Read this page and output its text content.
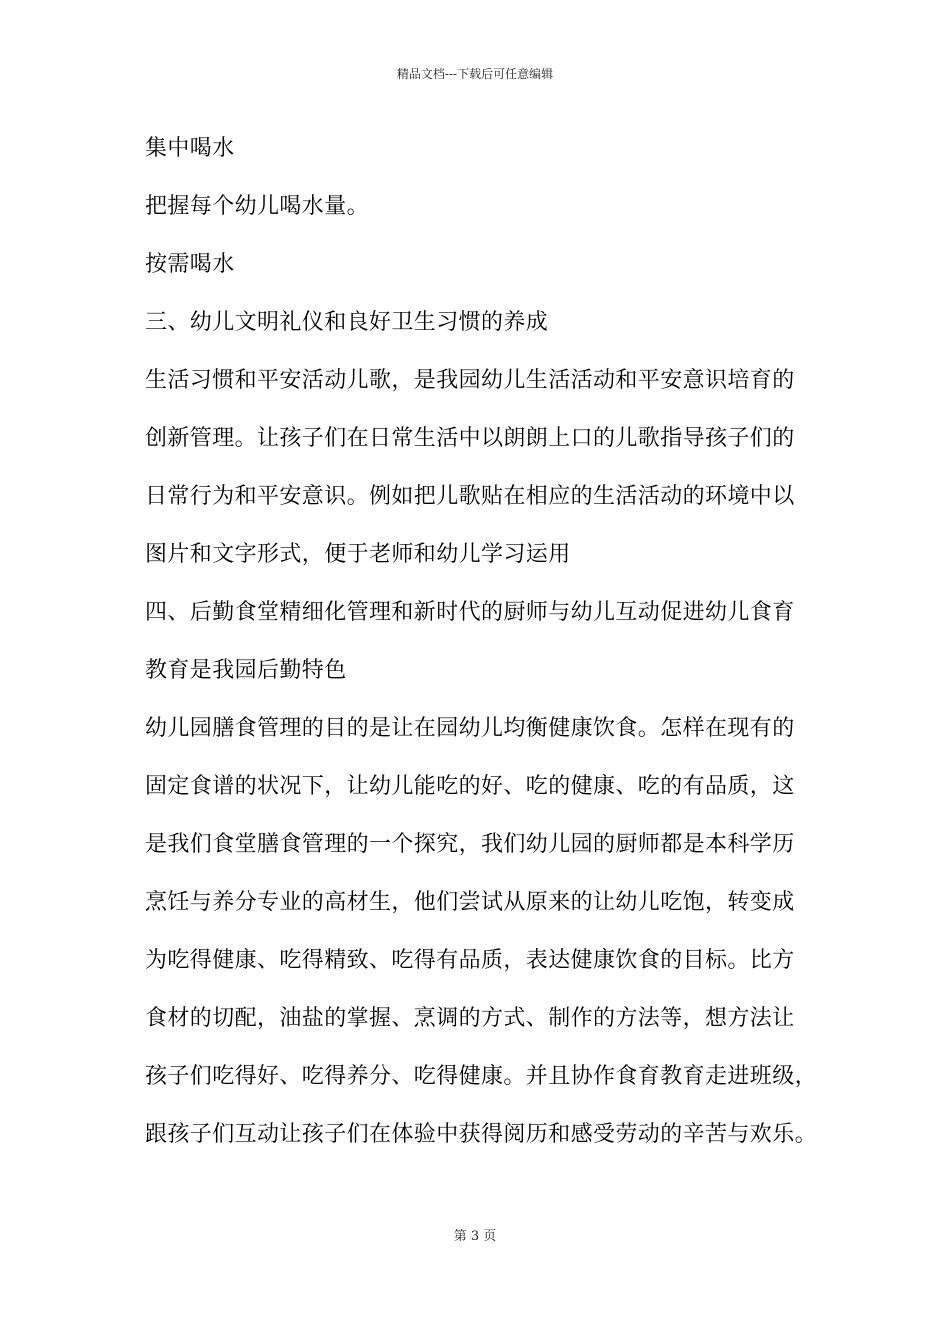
精品文档---下载后可任意编辑
集中喝水
把握每个幼儿喝水量。
按需喝水
三、幼儿文明礼仪和良好卫生习惯的养成
生活习惯和平安活动儿歌，是我园幼儿生活活动和平安意识培育的
创新管理。让孩子们在日常生活中以朗朗上口的儿歌指导孩子们的
日常行为和平安意识。例如把儿歌贴在相应的生活活动的环境中以
图片和文字形式，便于老师和幼儿学习运用
四、后勤食堂精细化管理和新时代的厨师与幼儿互动促进幼儿食育
教育是我园后勤特色
幼儿园膳食管理的目的是让在园幼儿均衡健康饮食。怎样在现有的
固定食谱的状况下，让幼儿能吃的好、吃的健康、吃的有品质，这
是我们食堂膳食管理的一个探究，我们幼儿园的厨师都是本科学历
烹饪与养分专业的高材生，他们尝试从原来的让幼儿吃饱，转变成
为吃得健康、吃得精致、吃得有品质，表达健康饮食的目标。比方
食材的切配，油盐的掌握、烹调的方式、制作的方法等，想方法让
孩子们吃得好、吃得养分、吃得健康。并且协作食育教育走进班级，
跟孩子们互动让孩子们在体验中获得阅历和感受劳动的辛苦与欢乐。
第 3 页
